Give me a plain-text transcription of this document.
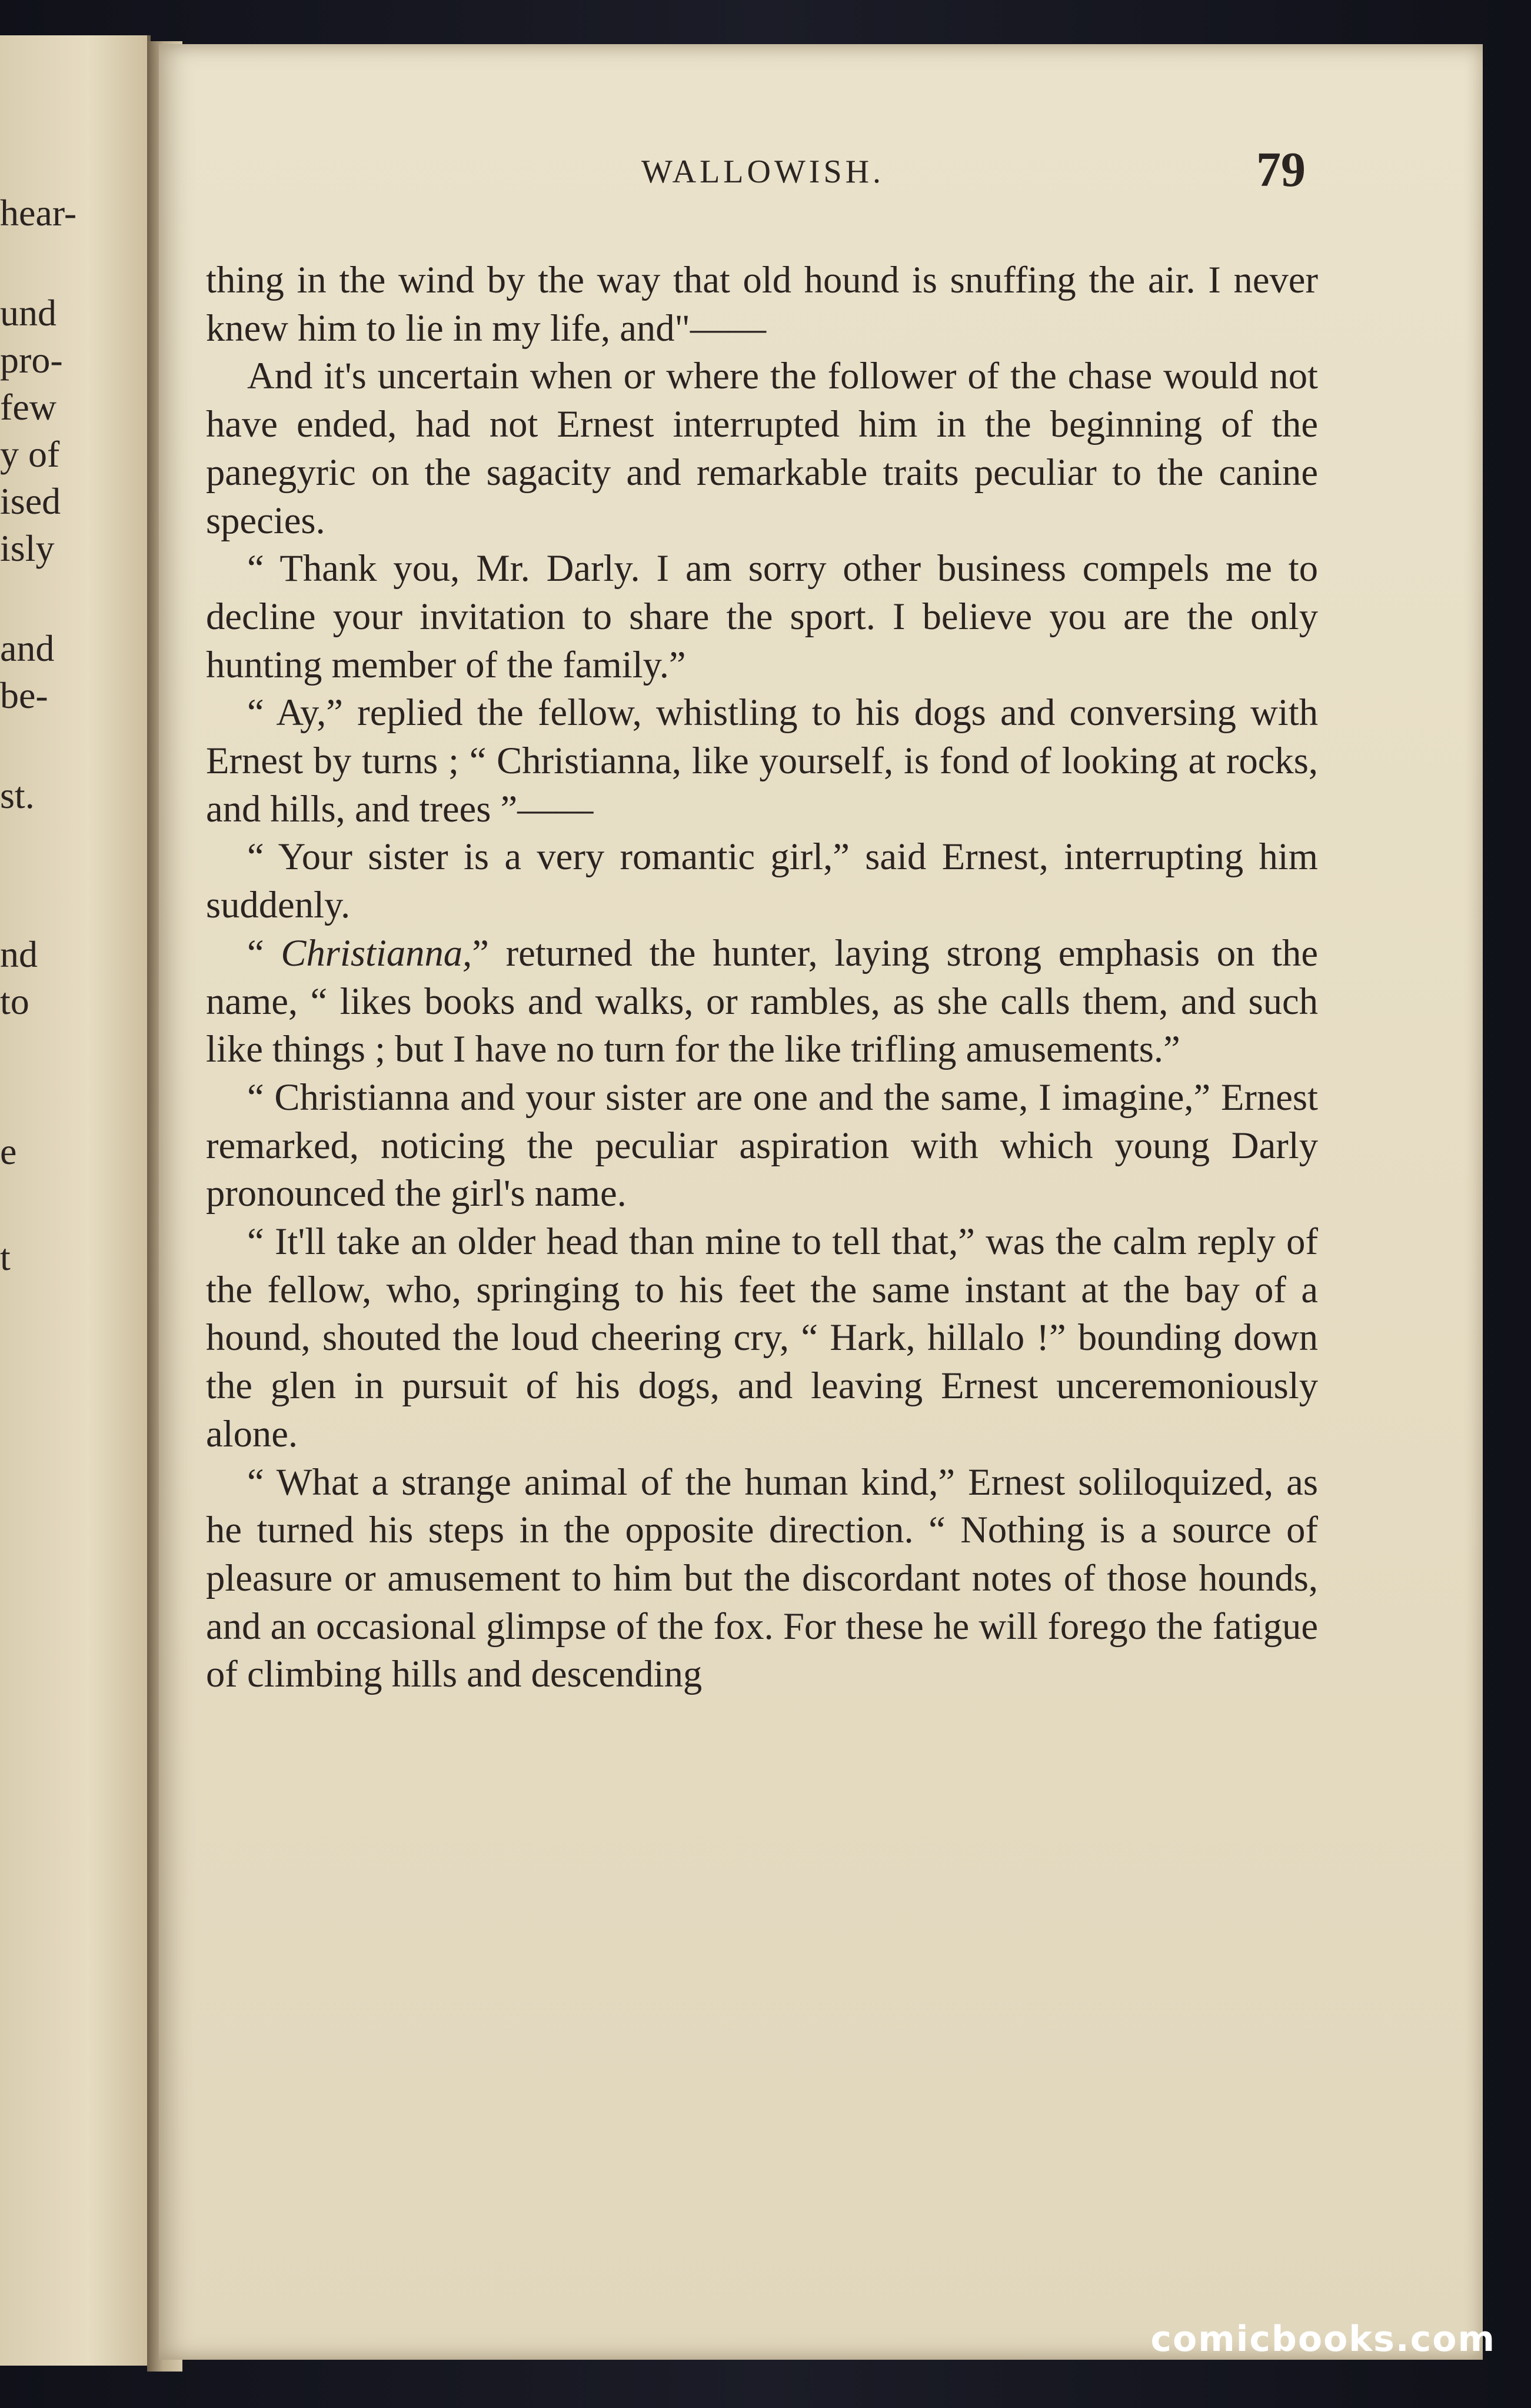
hear-
und
pro-
few
y of
ised
isly
and
be-
st.
nd
to
e
t
WALLOWISH.	79

thing in the wind by the way that old hound is snuffing the air. I never knew him to lie in my life, and"——

And it's uncertain when or where the follower of the chase would not have ended, had not Ernest interrupted him in the beginning of the panegyric on the sagacity and remarkable traits peculiar to the canine species.

“ Thank you, Mr. Darly. I am sorry other business compels me to decline your invitation to share the sport. I believe you are the only hunting member of the family.”

“ Ay,” replied the fellow, whistling to his dogs and conversing with Ernest by turns ; “ Christianna, like yourself, is fond of looking at rocks, and hills, and trees ”——

“ Your sister is a very romantic girl,” said Ernest, interrupting him suddenly.

“ Christianna,” returned the hunter, laying strong emphasis on the name, “ likes books and walks, or rambles, as she calls them, and such like things ; but I have no turn for the like trifling amusements.”

“ Christianna and your sister are one and the same, I imagine,” Ernest remarked, noticing the peculiar aspiration with which young Darly pronounced the girl's name.

“ It'll take an older head than mine to tell that,” was the calm reply of the fellow, who, springing to his feet the same instant at the bay of a hound, shouted the loud cheering cry, “ Hark, hillalo !” bounding down the glen in pursuit of his dogs, and leaving Ernest unceremoniously alone.

“ What a strange animal of the human kind,” Ernest soliloquized, as he turned his steps in the opposite direction. “ Nothing is a source of pleasure or amusement to him but the discordant notes of those hounds, and an occasional glimpse of the fox. For these he will forego the fatigue of climbing hills and descending

comicbooks.com
